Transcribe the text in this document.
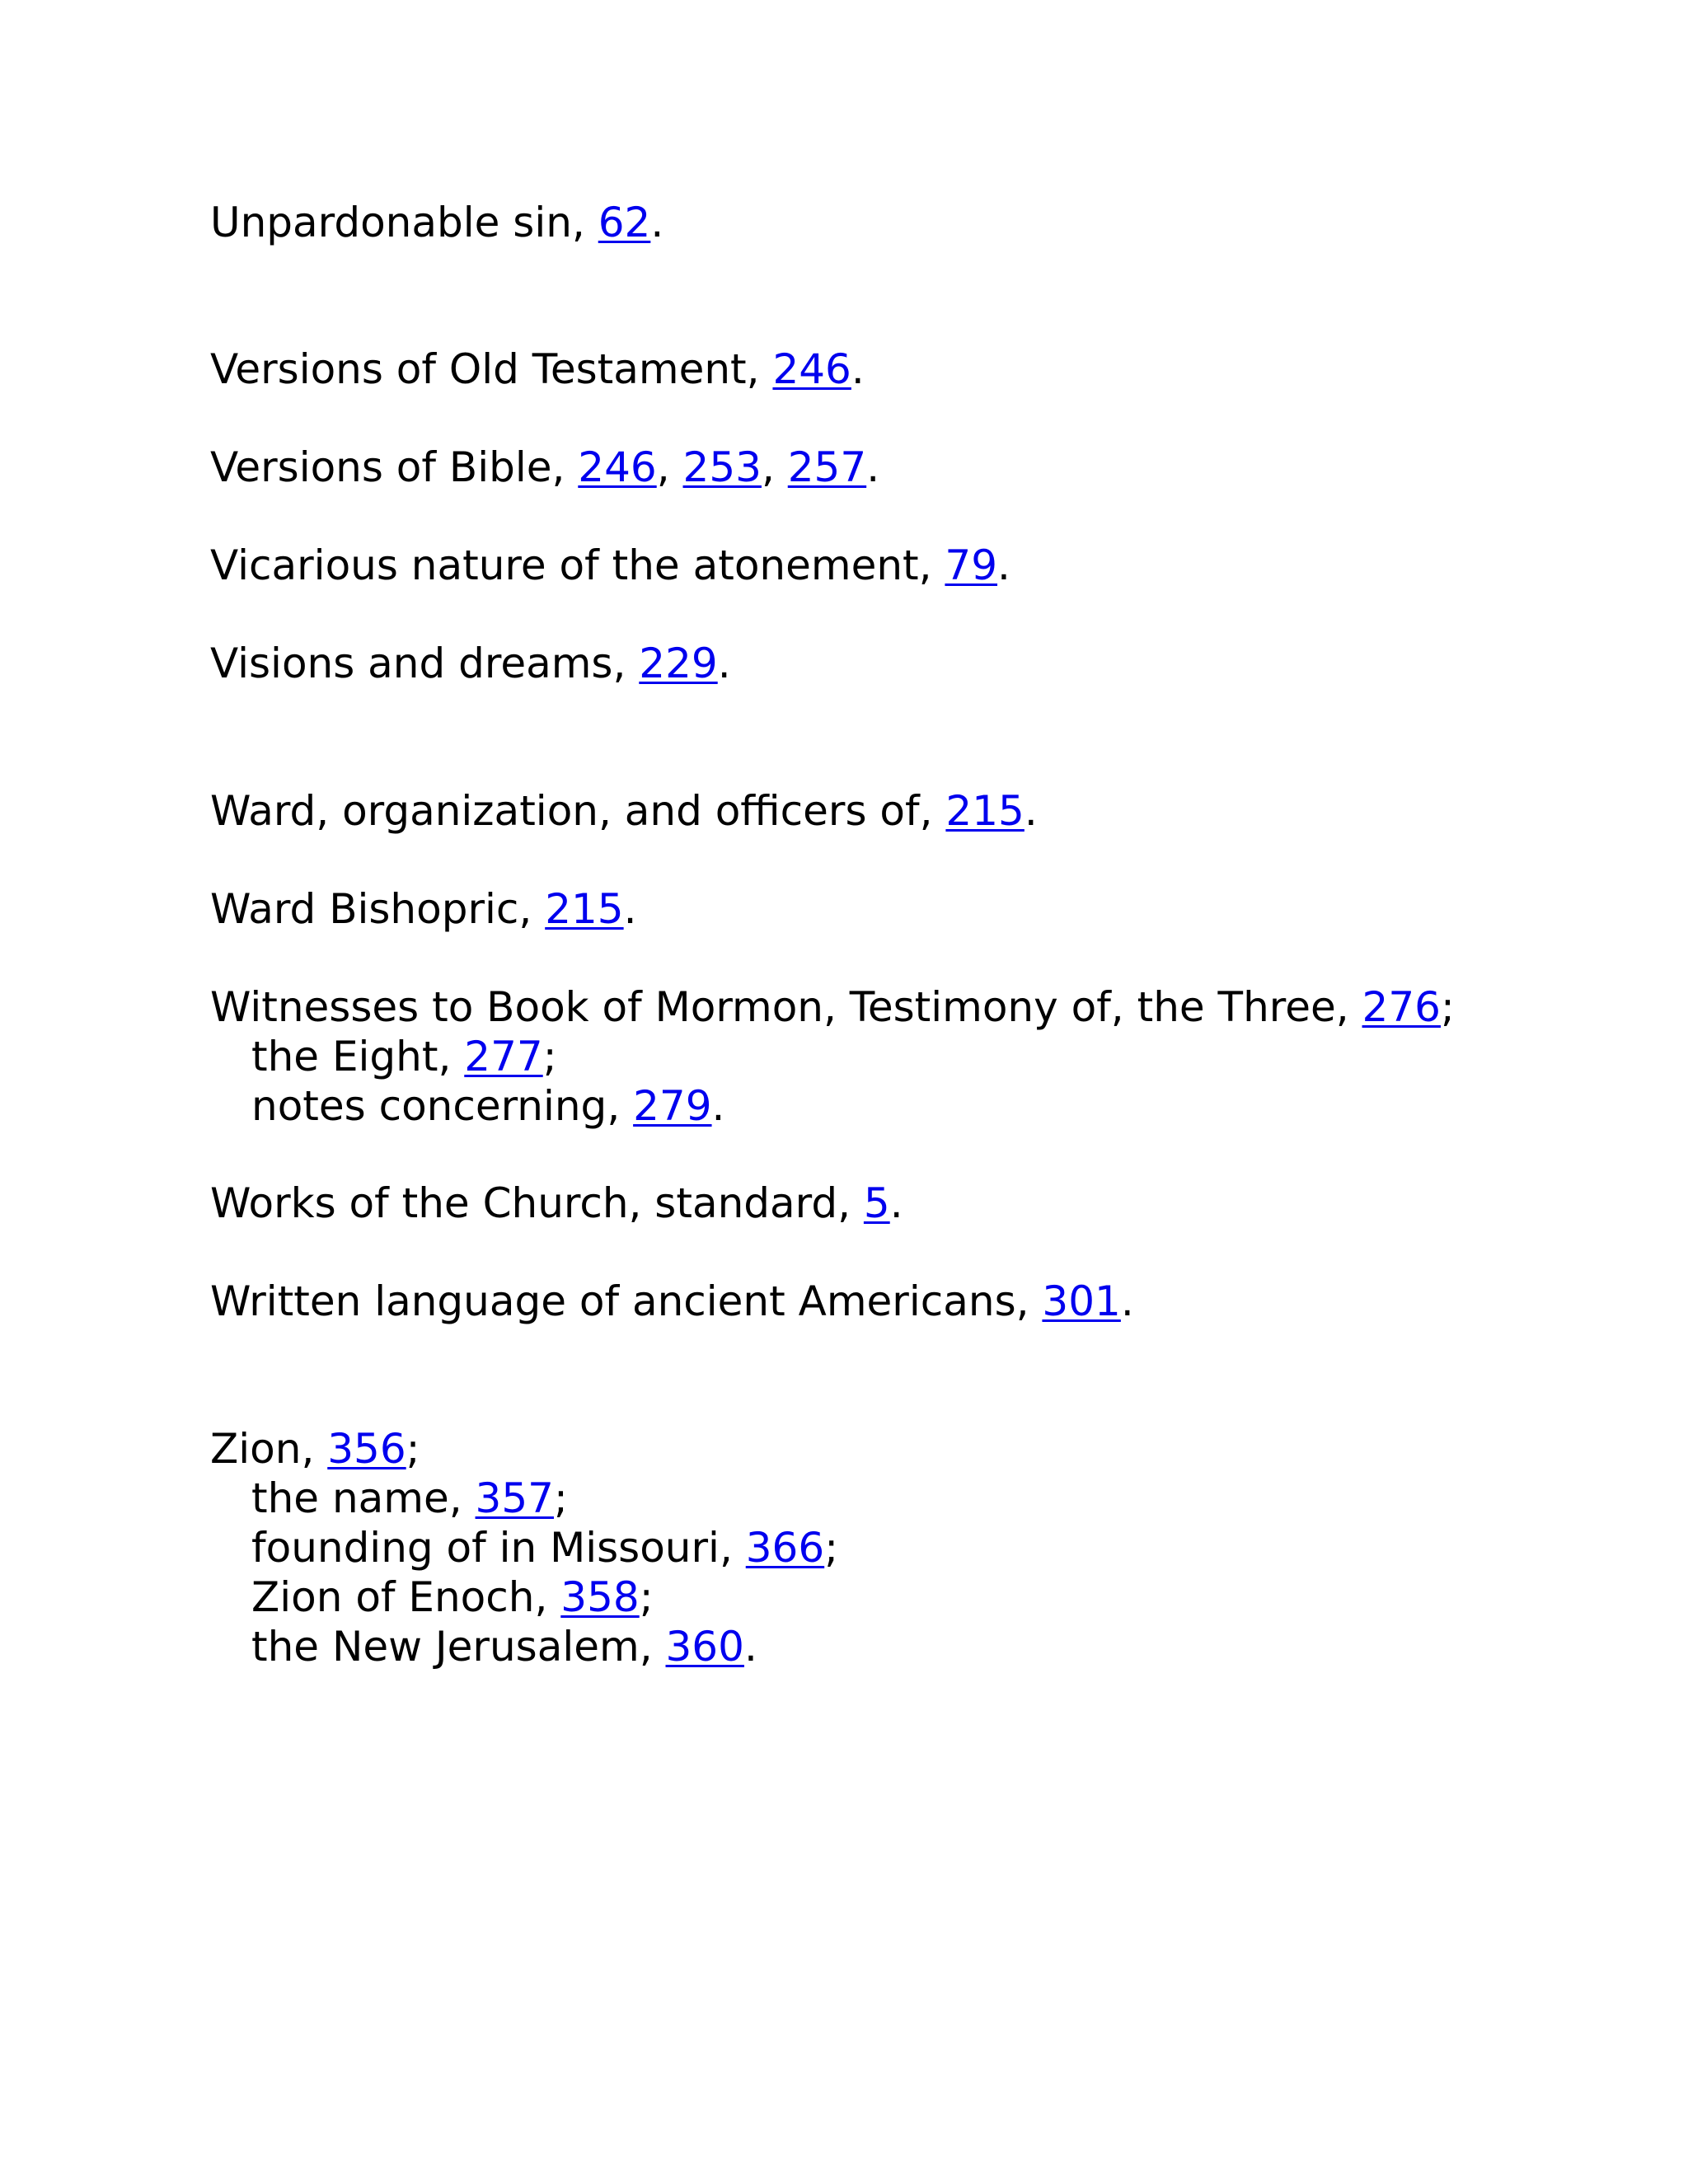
Unpardonable sin, 62.
Versions of Old Testament, 246.
Versions of Bible, 246, 253, 257.
Vicarious nature of the atonement, 79.
Visions and dreams, 229.
Ward, organization, and officers of, 215.
Ward Bishopric, 215.
Witnesses to Book of Mormon, Testimony of, the Three, 276;
the Eight, 277;
notes concerning, 279.
Works of the Church, standard, 5.
Written language of ancient Americans, 301.
Zion, 356;
the name, 357;
founding of in Missouri, 366;
Zion of Enoch, 358;
the New Jerusalem, 360.
